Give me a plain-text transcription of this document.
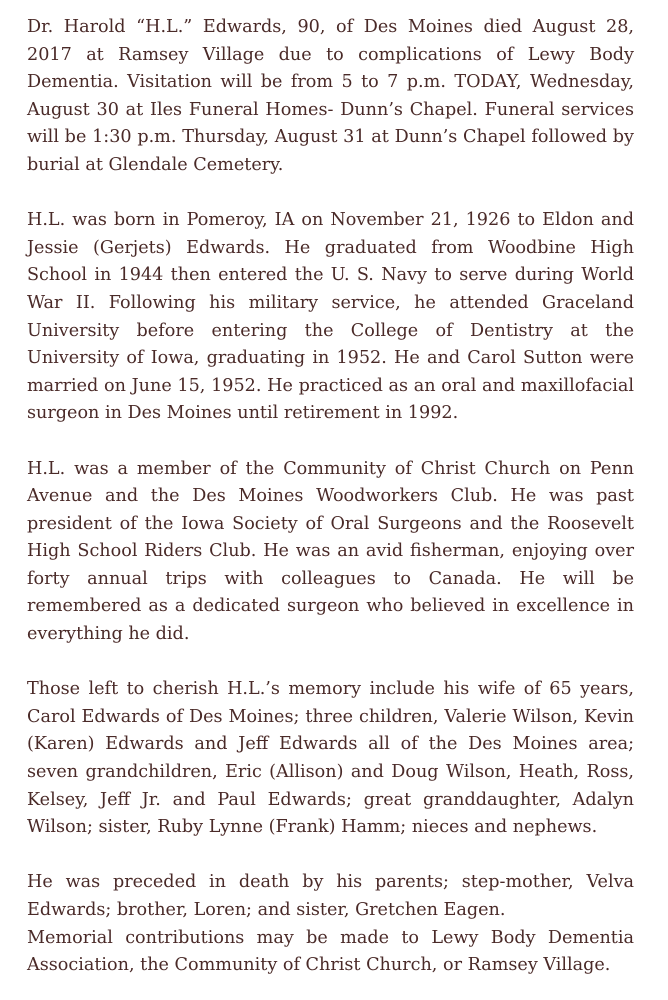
Dr. Harold “H.L.” Edwards, 90, of Des Moines died August 28, 2017 at Ramsey Village due to complications of Lewy Body Dementia. Visitation will be from 5 to 7 p.m. TODAY, Wednesday, August 30 at Iles Funeral Homes- Dunn’s Chapel. Funeral services will be 1:30 p.m. Thursday, August 31 at Dunn’s Chapel followed by burial at Glendale Cemetery.

H.L. was born in Pomeroy, IA on November 21, 1926 to Eldon and Jessie (Gerjets) Edwards. He graduated from Woodbine High School in 1944 then entered the U. S. Navy to serve during World War II. Following his military service, he attended Graceland University before entering the College of Dentistry at the University of Iowa, graduating in 1952. He and Carol Sutton were married on June 15, 1952. He practiced as an oral and maxillofacial surgeon in Des Moines until retirement in 1992.

H.L. was a member of the Community of Christ Church on Penn Avenue and the Des Moines Woodworkers Club. He was past president of the Iowa Society of Oral Surgeons and the Roosevelt High School Riders Club. He was an avid fisherman, enjoying over forty annual trips with colleagues to Canada. He will be remembered as a dedicated surgeon who believed in excellence in everything he did.

Those left to cherish H.L.’s memory include his wife of 65 years, Carol Edwards of Des Moines; three children, Valerie Wilson, Kevin (Karen) Edwards and Jeff Edwards all of the Des Moines area; seven grandchildren, Eric (Allison) and Doug Wilson, Heath, Ross, Kelsey, Jeff Jr. and Paul Edwards; great granddaughter, Adalyn Wilson; sister, Ruby Lynne (Frank) Hamm; nieces and nephews.

He was preceded in death by his parents; step-mother, Velva Edwards; brother, Loren; and sister, Gretchen Eagen.

Memorial contributions may be made to Lewy Body Dementia Association, the Community of Christ Church, or Ramsey Village.
